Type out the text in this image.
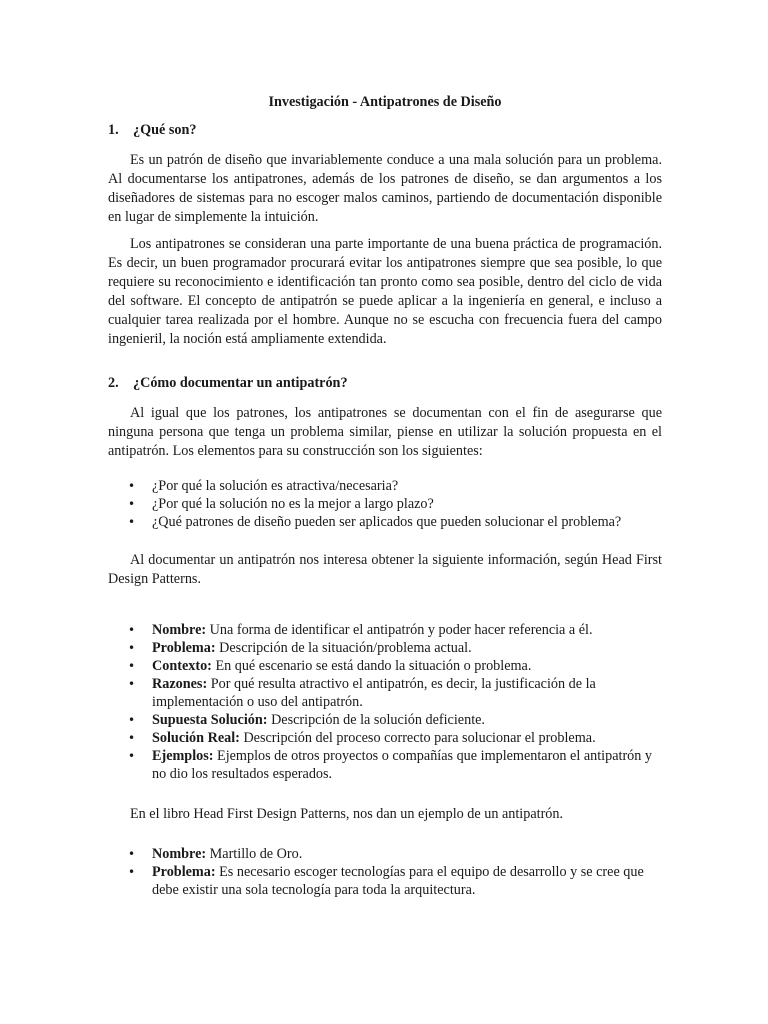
Investigación - Antipatrones de Diseño
1.	¿Qué son?

Es un patrón de diseño que invariablemente conduce a una mala solución para un problema. Al documentarse los antipatrones, además de los patrones de diseño, se dan argumentos a los diseñadores de sistemas para no escoger malos caminos, partiendo de documentación disponible en lugar de simplemente la intuición.

Los antipatrones se consideran una parte importante de una buena práctica de programación. Es decir, un buen programador procurará evitar los antipatrones siempre que sea posible, lo que requiere su reconocimiento e identificación tan pronto como sea posible, dentro del ciclo de vida del software. El concepto de antipatrón se puede aplicar a la ingeniería en general, e incluso a cualquier tarea realizada por el hombre. Aunque no se escucha con frecuencia fuera del campo ingenieril, la noción está ampliamente extendida.

2.	¿Cómo documentar un antipatrón?

Al igual que los patrones, los antipatrones se documentan con el fin de asegurarse que ninguna persona que tenga un problema similar, piense en utilizar la solución propuesta en el antipatrón. Los elementos para su construcción son los siguientes:

• ¿Por qué la solución es atractiva/necesaria?
• ¿Por qué la solución no es la mejor a largo plazo?
• ¿Qué patrones de diseño pueden ser aplicados que pueden solucionar el problema?

Al documentar un antipatrón nos interesa obtener la siguiente información, según Head First Design Patterns.

• Nombre: Una forma de identificar el antipatrón y poder hacer referencia a él.
• Problema: Descripción de la situación/problema actual.
• Contexto: En qué escenario se está dando la situación o problema.
• Razones: Por qué resulta atractivo el antipatrón, es decir, la justificación de la implementación o uso del antipatrón.
• Supuesta Solución: Descripción de la solución deficiente.
• Solución Real: Descripción del proceso correcto para solucionar el problema.
• Ejemplos: Ejemplos de otros proyectos o compañías que implementaron el antipatrón y no dio los resultados esperados.

En el libro Head First Design Patterns, nos dan un ejemplo de un antipatrón.

• Nombre: Martillo de Oro.
• Problema: Es necesario escoger tecnologías para el equipo de desarrollo y se cree que debe existir una sola tecnología para toda la arquitectura.
